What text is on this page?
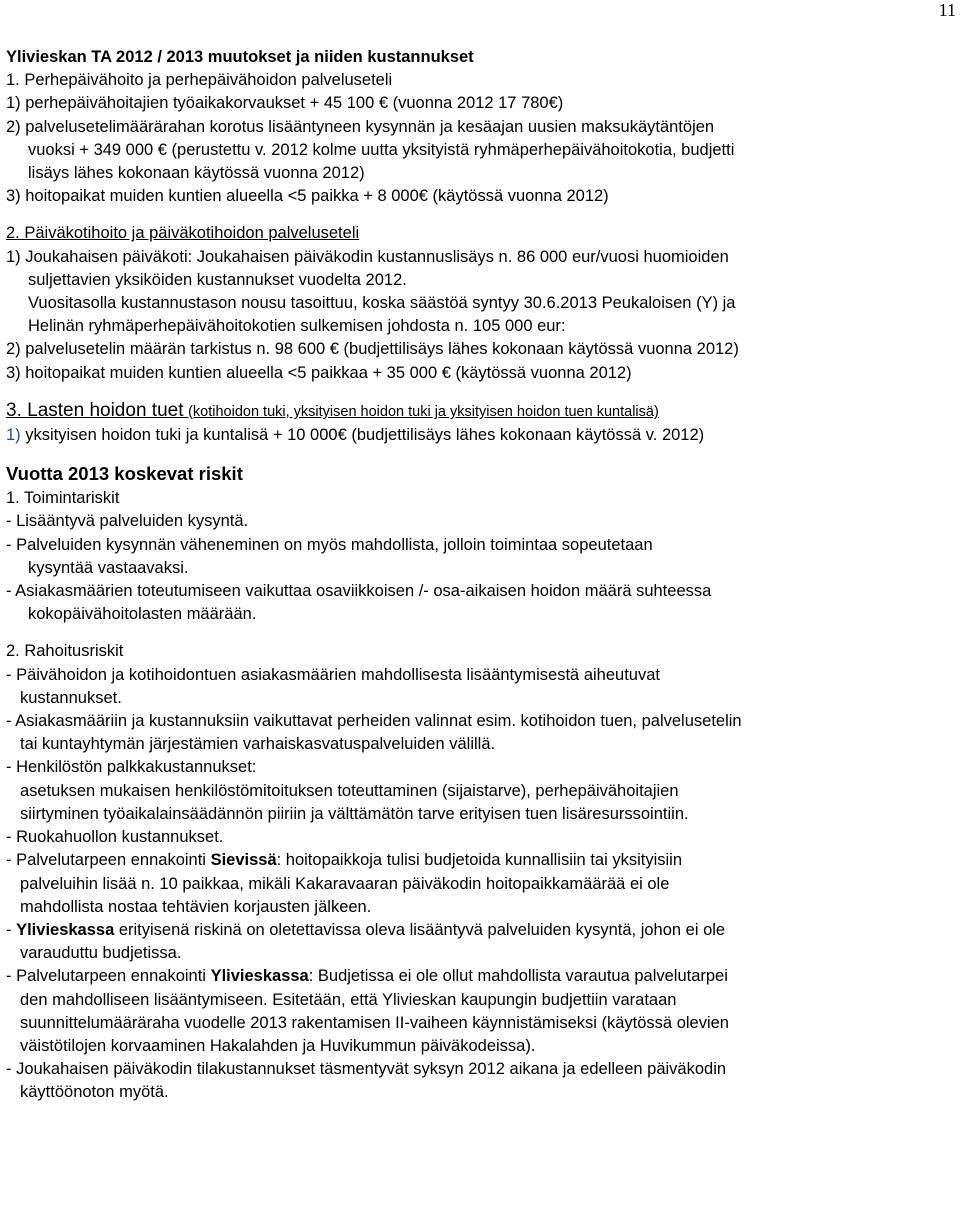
11
Ylivieskan TA 2012 / 2013 muutokset ja niiden kustannukset
1. Perhepäivähoito ja perhepäivähoidon palveluseteli
1) perhepäivähoitajien työaikakorvaukset + 45 100 € (vuonna 2012 17 780€)
2) palvelusetelimäärärahan korotus lisääntyneen kysynnän ja kesäajan uusien maksukäytäntöjen
vuoksi + 349 000 € (perustettu v. 2012 kolme uutta yksityistä ryhmäperhepäivähoitokotia, budjetti
lisäys lähes kokonaan käytössä vuonna 2012)
3) hoitopaikat muiden kuntien alueella <5 paikka + 8 000€ (käytössä vuonna 2012)
2. Päiväkotihoito ja päiväkotihoidon palveluseteli
1) Joukahaisen päiväkoti: Joukahaisen päiväkodin kustannuslisäys n. 86 000 eur/vuosi huomioiden
suljettavien yksiköiden kustannukset vuodelta 2012.
Vuositasolla kustannustason nousu tasoittuu, koska säästöä syntyy 30.6.2013 Peukaloisen (Y) ja
Helinän ryhmäperhepäivähoitokotien sulkemisen johdosta n. 105 000 eur:
2) palvelusetelin määrän tarkistus n. 98 600 € (budjettilisäys lähes kokonaan käytössä vuonna 2012)
3) hoitopaikat muiden kuntien alueella <5 paikkaa + 35 000 € (käytössä vuonna 2012)
3. Lasten hoidon tuet (kotihoidon tuki, yksityisen hoidon tuki ja yksityisen hoidon tuen kuntalisä)
1) yksityisen hoidon tuki ja kuntalisä + 10 000€ (budjettilisäys lähes kokonaan käytössä v. 2012)
Vuotta 2013 koskevat riskit
1. Toimintariskit
- Lisääntyvä palveluiden kysyntä.
- Palveluiden kysynnän väheneminen on myös mahdollista, jolloin toimintaa sopeutetaan
kysyntää vastaavaksi.
- Asiakasmäärien toteutumiseen vaikuttaa osaviikkoisen /- osa-aikaisen hoidon määrä suhteessa
kokopäivähoitolasten määrään.
2. Rahoitusriskit
- Päivähoidon ja kotihoidontuen asiakasmäärien mahdollisesta lisääntymisestä aiheutuvat
kustannukset.
- Asiakasmääriin ja kustannuksiin vaikuttavat perheiden valinnat esim. kotihoidon tuen, palvelusetelin
tai kuntayhtymän järjestämien varhaiskasvatuspalveluiden välillä.
- Henkilöstön palkkakustannukset:
asetuksen mukaisen henkilöstömitoituksen toteuttaminen (sijaistarve), perhepäivähoitajien
siirtyminen työaikalainsäädännön piiriin ja välttämätön tarve erityisen tuen lisäresurssointiin.
- Ruokahuollon kustannukset.
- Palvelutarpeen ennakointi Sievissä: hoitopaikkoja tulisi budjetoida kunnallisiin tai yksityisiin
palveluihin lisää n. 10 paikkaa, mikäli Kakaravaaran päiväkodin hoitopaikkamäärää ei ole
mahdollista nostaa tehtävien korjausten jälkeen.
- Ylivieskassa erityisenä riskinä on oletettavissa oleva lisääntyvä palveluiden kysyntä, johon ei ole
varauduttu budjetissa.
- Palvelutarpeen ennakointi Ylivieskassa: Budjetissa ei ole ollut mahdollista varautua palvelutarpei
den mahdolliseen lisääntymiseen. Esitetään, että Ylivieskan kaupungin budjettiin varataan
suunnittelumääräraha vuodelle 2013 rakentamisen II-vaiheen käynnistämiseksi (käytössä olevien
väistötilojen korvaaminen Hakalahden ja Huvikummun päiväkodeissa).
- Joukahaisen päiväkodin tilakustannukset täsmentyvät syksyn 2012 aikana ja edelleen päiväkodin
käyttöönoton myötä.
